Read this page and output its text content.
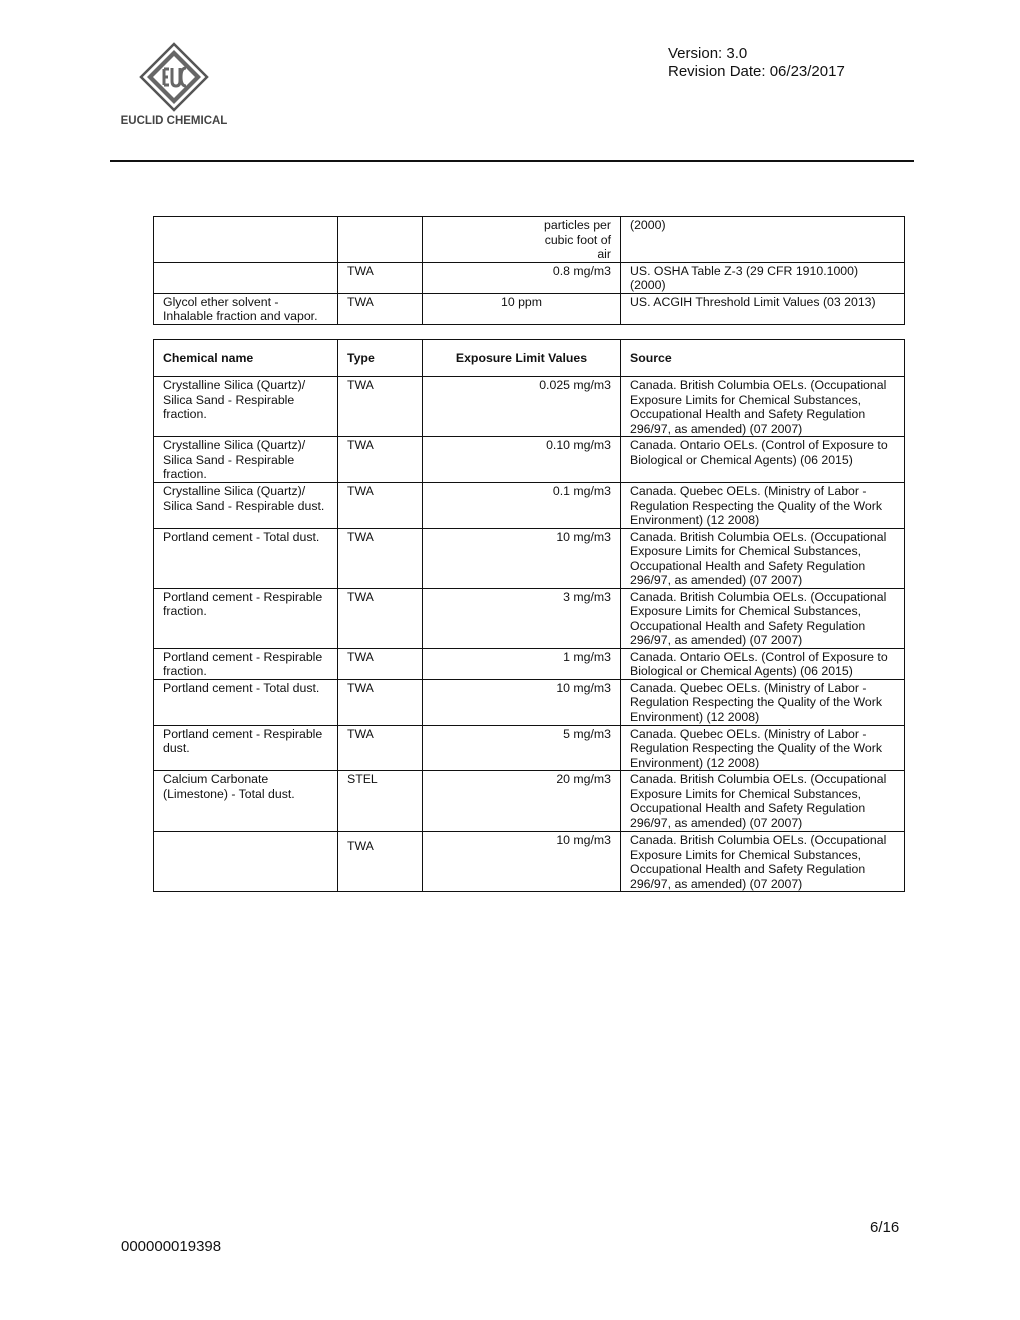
EUCLID CHEMICAL
Version: 3.0
Revision Date: 06/23/2017

		particles per cubic foot of air	(2000)
	TWA	0.8 mg/m3	US. OSHA Table Z-3 (29 CFR 1910.1000) (2000)
Glycol ether solvent - Inhalable fraction and vapor.	TWA	10 ppm	US. ACGIH Threshold Limit Values (03 2013)
Chemical name	Type	Exposure Limit Values	Source
Crystalline Silica (Quartz)/ Silica Sand - Respirable fraction.	TWA	0.025 mg/m3	Canada. British Columbia OELs. (Occupational Exposure Limits for Chemical Substances, Occupational Health and Safety Regulation 296/97, as amended) (07 2007)
Crystalline Silica (Quartz)/ Silica Sand - Respirable fraction.	TWA	0.10 mg/m3	Canada. Ontario OELs. (Control of Exposure to Biological or Chemical Agents) (06 2015)
Crystalline Silica (Quartz)/ Silica Sand - Respirable dust.	TWA	0.1 mg/m3	Canada. Quebec OELs. (Ministry of Labor - Regulation Respecting the Quality of the Work Environment) (12 2008)
Portland cement - Total dust.	TWA	10 mg/m3	Canada. British Columbia OELs. (Occupational Exposure Limits for Chemical Substances, Occupational Health and Safety Regulation 296/97, as amended) (07 2007)
Portland cement - Respirable fraction.	TWA	3 mg/m3	Canada. British Columbia OELs. (Occupational Exposure Limits for Chemical Substances, Occupational Health and Safety Regulation 296/97, as amended) (07 2007)
Portland cement - Respirable fraction.	TWA	1 mg/m3	Canada. Ontario OELs. (Control of Exposure to Biological or Chemical Agents) (06 2015)
Portland cement - Total dust.	TWA	10 mg/m3	Canada. Quebec OELs. (Ministry of Labor - Regulation Respecting the Quality of the Work Environment) (12 2008)
Portland cement - Respirable dust.	TWA	5 mg/m3	Canada. Quebec OELs. (Ministry of Labor - Regulation Respecting the Quality of the Work Environment) (12 2008)
Calcium Carbonate (Limestone) - Total dust.	STEL	20 mg/m3	Canada. British Columbia OELs. (Occupational Exposure Limits for Chemical Substances, Occupational Health and Safety Regulation 296/97, as amended) (07 2007)
	TWA	10 mg/m3	Canada. British Columbia OELs. (Occupational Exposure Limits for Chemical Substances, Occupational Health and Safety Regulation 296/97, as amended) (07 2007)
6/16
000000019398
